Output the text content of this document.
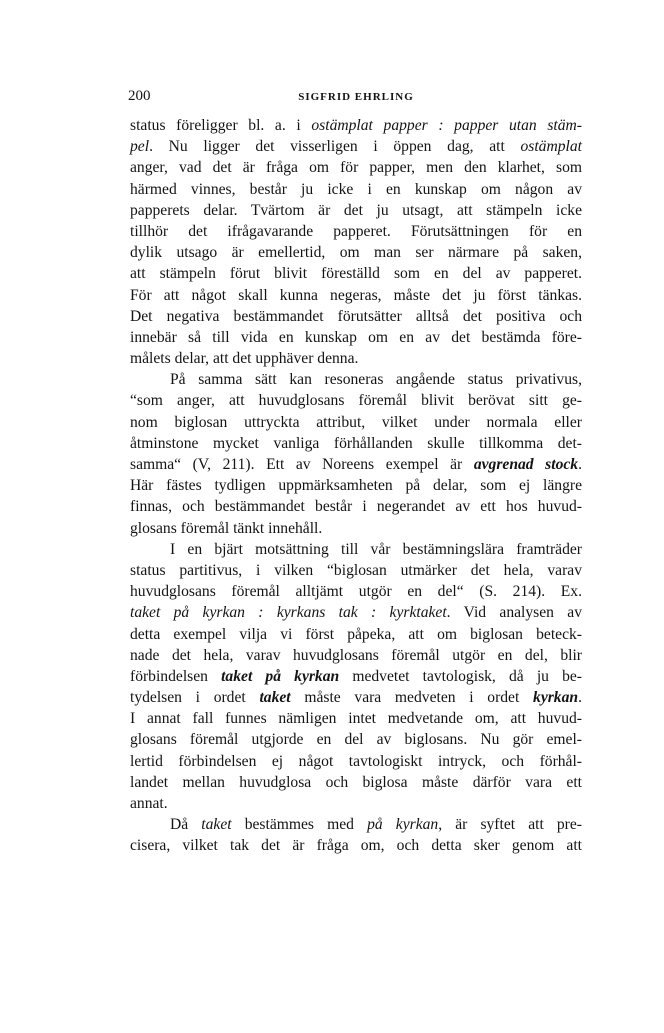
200	SIGFRID EHRLING
status föreligger bl. a. i ostämplat papper : papper utan stäm-
pel. Nu ligger det visserligen i öppen dag, att ostämplat
anger, vad det är fråga om för papper, men den klarhet, som
härmed vinnes, består ju icke i en kunskap om någon av
papperets delar. Tvärtom är det ju utsagt, att stämpeln icke
tillhör det ifrågavarande papperet. Förutsättningen för en
dylik utsago är emellertid, om man ser närmare på saken,
att stämpeln förut blivit föreställd som en del av papperet.
För att något skall kunna negeras, måste det ju först tänkas.
Det negativa bestämmandet förutsätter alltså det positiva och
innebär så till vida en kunskap om en av det bestämda före-
målets delar, att det upphäver denna.
På samma sätt kan resoneras angående status privativus,
“som anger, att huvudglosans föremål blivit berövat sitt ge-
nom biglosan uttryckta attribut, vilket under normala eller
åtminstone mycket vanliga förhållanden skulle tillkomma det-
samma“ (V, 211). Ett av Noreens exempel är avgrenad stock.
Här fästes tydligen uppmärksamheten på delar, som ej längre
finnas, och bestämmandet består i negerandet av ett hos huvud-
glosans föremål tänkt innehåll.
I en bjärt motsättning till vår bestämningslära framträder
status partitivus, i vilken “biglosan utmärker det hela, varav
huvudglosans föremål alltjämt utgör en del“ (S. 214). Ex.
taket på kyrkan : kyrkans tak : kyrktaket. Vid analysen av
detta exempel vilja vi först påpeka, att om biglosan beteck-
nade det hela, varav huvudglosans föremål utgör en del, blir
förbindelsen taket på kyrkan medvetet tavtologisk, då ju be-
tydelsen i ordet taket måste vara medveten i ordet kyrkan.
I annat fall funnes nämligen intet medvetande om, att huvud-
glosans föremål utgjorde en del av biglosans. Nu gör emel-
lertid förbindelsen ej något tavtologiskt intryck, och förhål-
landet mellan huvudglosa och biglosa måste därför vara ett
annat.
Då taket bestämmes med på kyrkan, är syftet att pre-
cisera, vilket tak det är fråga om, och detta sker genom att
